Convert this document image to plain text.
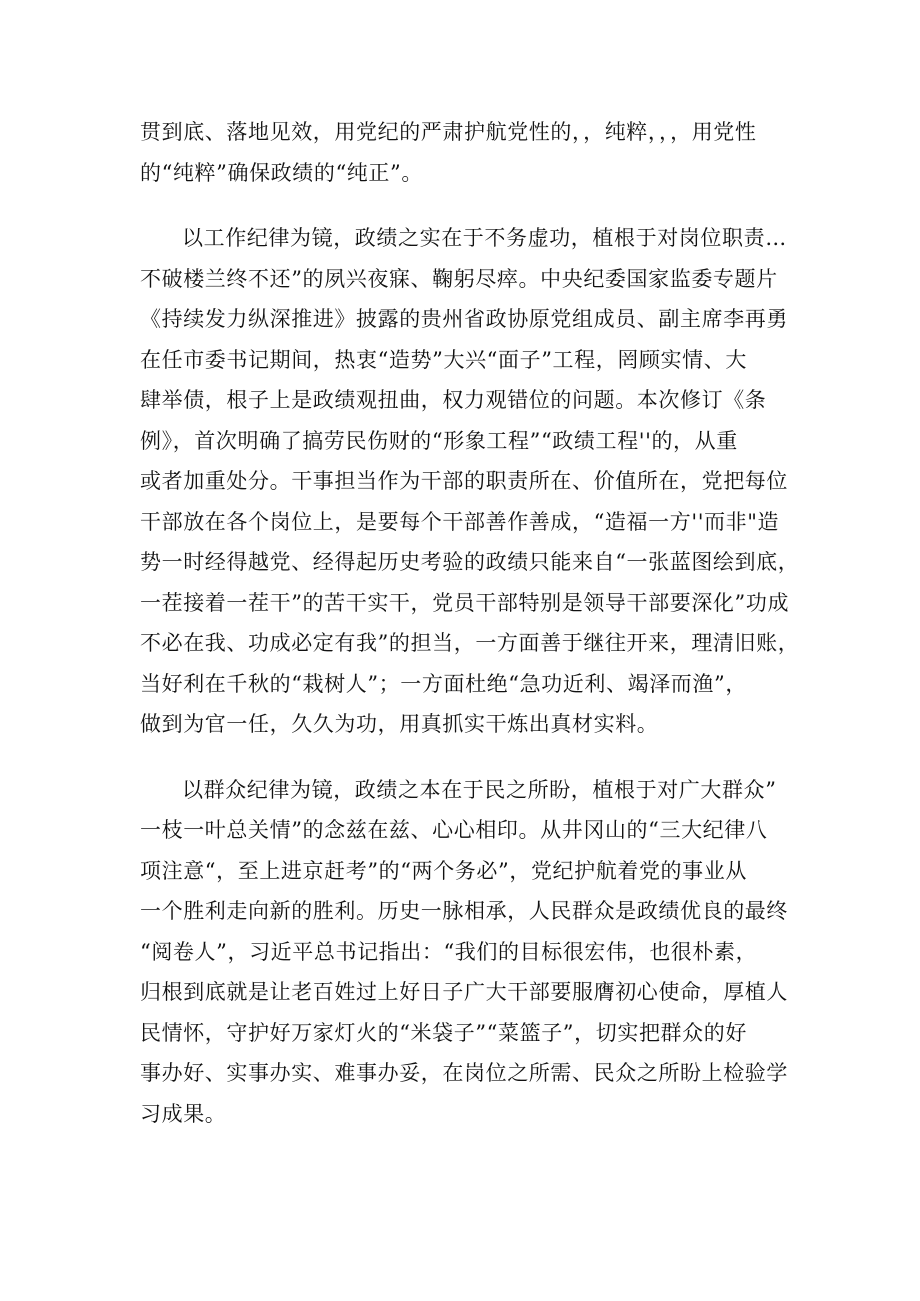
贯到底、落地见效，用党纪的严肃护航党性的，，纯粹，，，用党性
的“纯粹”确保政绩的“纯正”。
以工作纪律为镜，政绩之实在于不务虚功，植根于对岗位职责…
不破楼兰终不还”的夙兴夜寐、鞠躬尽瘁。中央纪委国家监委专题片
《持续发力纵深推进》披露的贵州省政协原党组成员、副主席李再勇
在任市委书记期间，热衷“造势”大兴“面子”工程，罔顾实情、大
肆举债，根子上是政绩观扭曲，权力观错位的问题。本次修订《条
例》，首次明确了搞劳民伤财的“形象工程”“政绩工程''的，从重
或者加重处分。干事担当作为干部的职责所在、价值所在，党把每位
干部放在各个岗位上，是要每个干部善作善成，“造福一方''而非"造
势一时经得越党、经得起历史考验的政绩只能来自“一张蓝图绘到底，
一茬接着一茬干”的苦干实干，党员干部特别是领导干部要深化”功成
不必在我、功成必定有我”的担当，一方面善于继往开来，理清旧账，
当好利在千秋的“栽树人”；一方面杜绝“急功近利、竭泽而渔”，
做到为官一任，久久为功，用真抓实干炼出真材实料。
以群众纪律为镜，政绩之本在于民之所盼，植根于对广大群众”
一枝一叶总关情”的念兹在兹、心心相印。从井冈山的“三大纪律八
项注意“，至上进京赶考”的“两个务必”，党纪护航着党的事业从
一个胜利走向新的胜利。历史一脉相承，人民群众是政绩优良的最终
“阅卷人”，习近平总书记指出：“我们的目标很宏伟，也很朴素，
归根到底就是让老百姓过上好日子广大干部要服膺初心使命，厚植人
民情怀，守护好万家灯火的“米袋子”“菜篮子”，切实把群众的好
事办好、实事办实、难事办妥，在岗位之所需、民众之所盼上检验学
习成果。
